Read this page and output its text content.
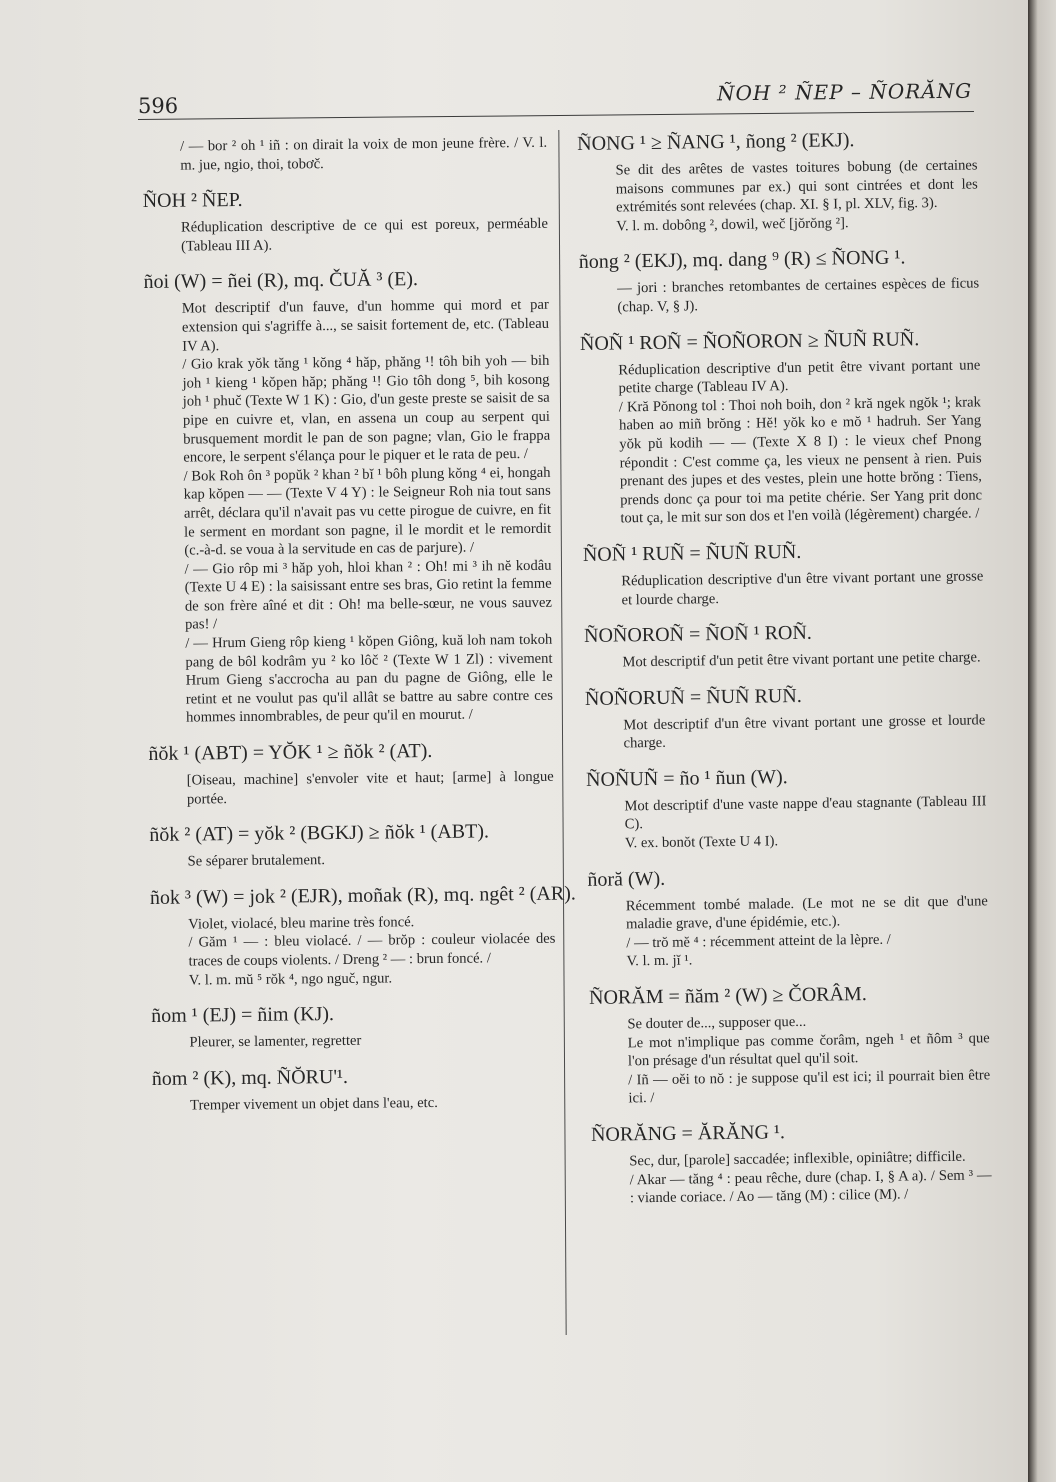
596
ÑOH ² ÑEP – ÑORĂNG
/ — bor ² oh ¹ iñ : on dirait la voix de mon jeune frère. / V. l. m. jue, ngio, thoi, tobơč.
ÑOH ² ÑEP.

Réduplication descriptive de ce qui est poreux, perméable (Tableau III A).

ñoi (W) = ñei (R), mq. ČUĂ ³ (E).

Mot descriptif d'un fauve, d'un homme qui mord et par extension qui s'agriffe à..., se saisit fortement de, etc. (Tableau IV A).

/ Gio krak yŏk tăng ¹ kŏng ⁴ hăp, phăng ¹! tôh bih yoh — bih joh ¹ kieng ¹ kŏpen hăp; phăng ¹! Gio tôh dong ⁵, bih kosong joh ¹ phuč (Texte W 1 K) : Gio, d'un geste preste se saisit de sa pipe en cuivre et, vlan, en assena un coup au serpent qui brusquement mordit le pan de son pagne; vlan, Gio le frappa encore, le serpent s'élança pour le piquer et le rata de peu. /

/ Bok Roh ôn ³ popŭk ² khan ² bĭ ¹ bôh plung kŏng ⁴ ei, hongah kap kŏpen — — (Texte V 4 Y) : le Seigneur Roh nia tout sans arrêt, déclara qu'il n'avait pas vu cette pirogue de cuivre, en fit le serment en mordant son pagne, il le mordit et le remordit (c.-à-d. se voua à la servitude en cas de parjure). /

/ — Gio rôp mi ³ hăp yoh, hloi khan ² : Oh! mi ³ ih nĕ kodâu (Texte U 4 E) : la saisissant entre ses bras, Gio retint la femme de son frère aîné et dit : Oh! ma belle-sœur, ne vous sauvez pas! /

/ — Hrum Gieng rôp kieng ¹ kŏpen Giông, kuă loh nam tokoh pang de bôl kodrâm yu ² ko lôč ² (Texte W 1 Zl) : vivement Hrum Gieng s'accrocha au pan du pagne de Giông, elle le retint et ne voulut pas qu'il allât se battre au sabre contre ces hommes innombrables, de peur qu'il en mourut. /

ñŏk ¹ (ABT) = YŎK ¹ ≥ ñŏk ² (AT).

[Oiseau, machine] s'envoler vite et haut; [arme] à longue portée.

ñŏk ² (AT) = yŏk ² (BGKJ) ≥ ñŏk ¹ (ABT).

Se séparer brutalement.

ñok ³ (W) = jok ² (EJR), moñak (R), mq. ngêt ² (AR).

Violet, violacé, bleu marine très foncé.

/ Găm ¹ — : bleu violacé. / — brŏp : couleur violacée des traces de coups violents. / Dreng ² — : brun foncé. /

V. l. m. mŭ ⁵ rŏk ⁴, ngo nguč, ngur.

ñom ¹ (EJ) = ñim (KJ).

Pleurer, se lamenter, regretter

ñom ² (K), mq. ÑŎRU'¹.

Tremper vivement un objet dans l'eau, etc.

ÑONG ¹ ≥ ÑANG ¹, ñong ² (EKJ).

Se dit des arêtes de vastes toitures bobung (de certaines maisons communes par ex.) qui sont cintrées et dont les extrémités sont relevées (chap. XI. § I, pl. XLV, fig. 3).

V. l. m. dobông ², dowil, weč [jŏrŏng ²].

ñong ² (EKJ), mq. dang ⁹ (R) ≤ ÑONG ¹.

— jori : branches retombantes de certaines espèces de ficus (chap. V, § J).

ÑOÑ ¹ ROÑ = ÑOÑORON ≥ ÑUÑ RUÑ.

Réduplication descriptive d'un petit être vivant portant une petite charge (Tableau IV A).

/ Kră Pŏnong tol : Thoi noh boih, don ² kră ngek ngŏk ¹; krak haben ao miñ brŏng : Hĕ! yŏk ko e mŏ ¹ hadruh. Ser Yang yŏk pŭ kodih — — (Texte X 8 I) : le vieux chef Pnong répondit : C'est comme ça, les vieux ne pensent à rien. Puis prenant des jupes et des vestes, plein une hotte brŏng : Tiens, prends donc ça pour toi ma petite chérie. Ser Yang prit donc tout ça, le mit sur son dos et l'en voilà (légèrement) chargée. /

ÑOÑ ¹ RUÑ = ÑUÑ RUÑ.

Réduplication descriptive d'un être vivant portant une grosse et lourde charge.

ÑOÑOROÑ = ÑOÑ ¹ ROÑ.

Mot descriptif d'un petit être vivant portant une petite charge.

ÑOÑORUÑ = ÑUÑ RUÑ.

Mot descriptif d'un être vivant portant une grosse et lourde charge.

ÑOÑUÑ = ño ¹ ñun (W).

Mot descriptif d'une vaste nappe d'eau stagnante (Tableau III C).

V. ex. bonŏt (Texte U 4 I).

ñoră (W).

Récemment tombé malade. (Le mot ne se dit que d'une maladie grave, d'une épidémie, etc.).

/ — trŏ mĕ ⁴ : récemment atteint de la lèpre. /

V. l. m. jĭ ¹.

ÑORĂM = ñăm ² (W) ≥ ČORÂM.

Se douter de..., supposer que...

Le mot n'implique pas comme čorâm, ngeh ¹ et ñôm ³ que l'on présage d'un résultat quel qu'il soit.

/ Iñ — oĕi to nŏ : je suppose qu'il est ici; il pourrait bien être ici. /

ÑORĂNG = ĂRĂNG ¹.

Sec, dur, [parole] saccadée; inflexible, opiniâtre; difficile.

/ Akar — tăng ⁴ : peau rêche, dure (chap. I, § A a). / Sem ³ — : viande coriace. / Ao — tăng (M) : cilice (M). /
